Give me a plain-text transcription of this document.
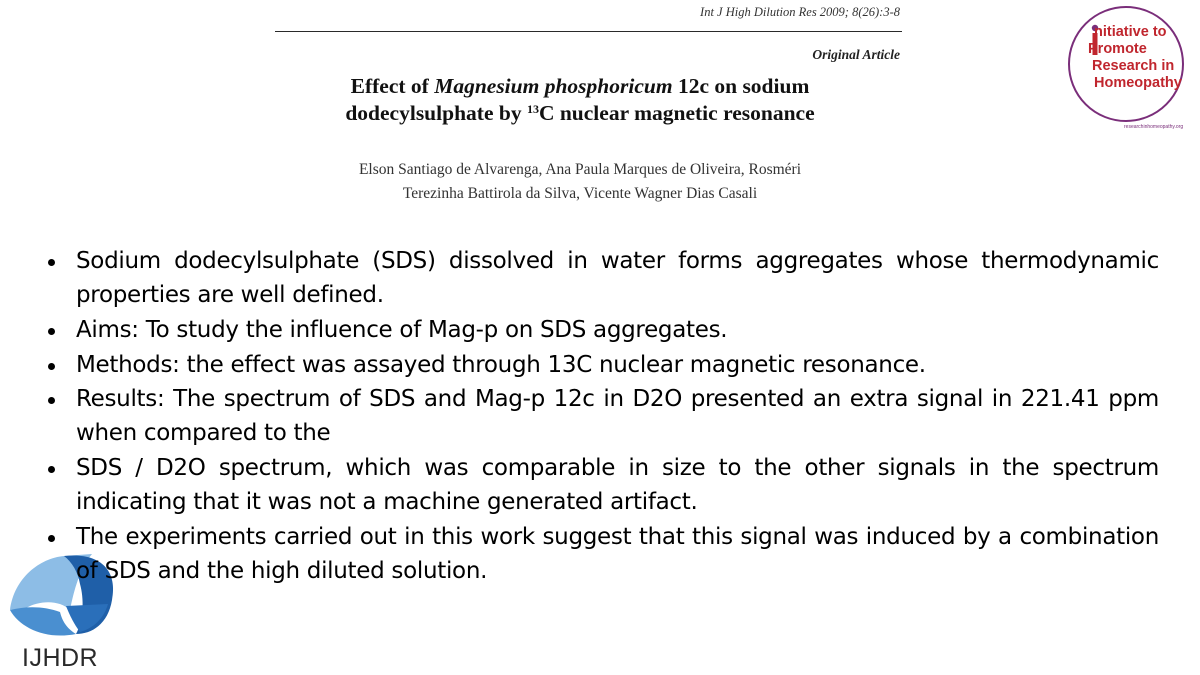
Int J High Dilution Res 2009; 8(26):3-8
Original Article
Effect of Magnesium phosphoricum 12c on sodium
dodecylsulphate by $^{13}$C nuclear magnetic resonance
Elson Santiago de Alvarenga, Ana Paula Marques de Oliveira, Rosméri
Terezinha Battirola da Silva, Vicente Wagner Dias Casali
nitiative to
Promote
Research in
Homeopathy
researchinhomeopathy.org
IJHDR
Sodium dodecylsulphate (SDS) dissolved in water forms aggregates whose thermodynamic properties are well defined.
Aims: To study the influence of Mag-p on SDS aggregates.
Methods: the effect was assayed through 13C nuclear magnetic resonance.
Results: The spectrum of SDS and Mag-p 12c in D2O presented an extra signal in 221.41 ppm when compared to the
SDS / D2O spectrum, which was comparable in size to the other signals in the spectrum indicating that it was not a machine generated artifact.
The experiments carried out in this work suggest that this signal was induced by a combination of SDS and the high diluted solution.
